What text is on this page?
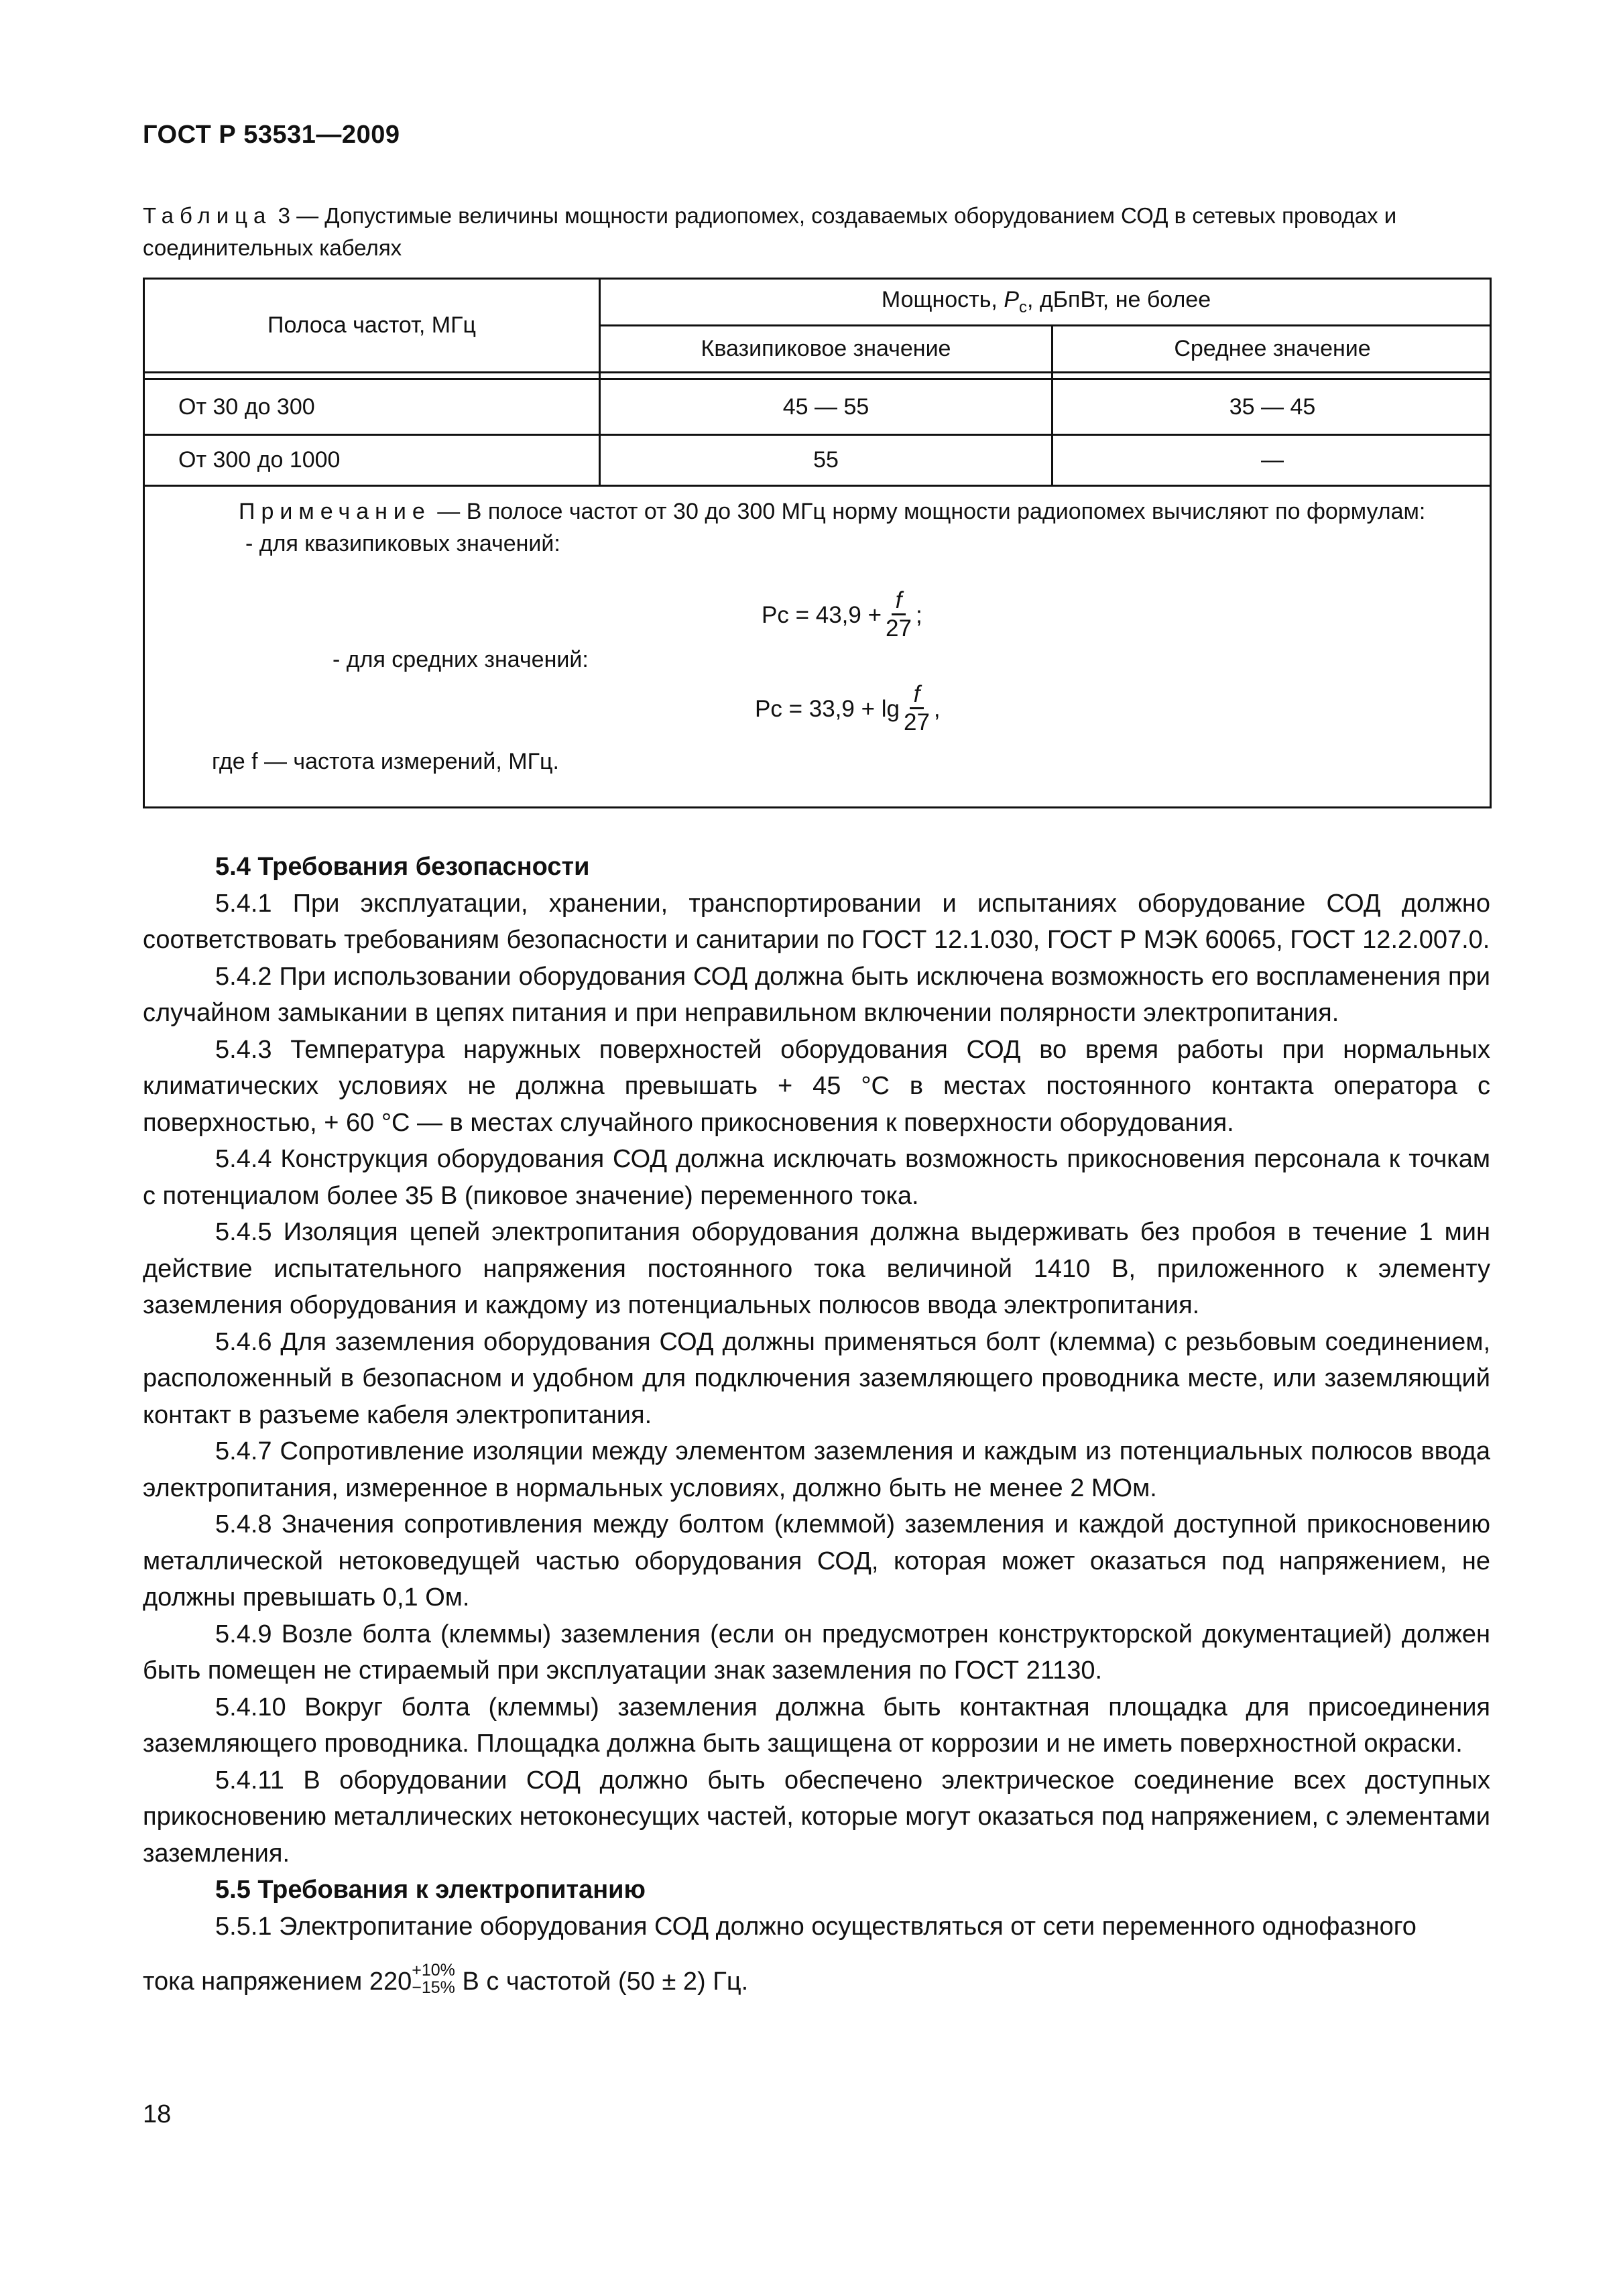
ГОСТ Р 53531—2009
Таблица 3 — Допустимые величины мощности радиопомех, создаваемых оборудованием СОД в сетевых проводах и соединительных кабелях
Полоса частот, МГц
Мощность, $P_c$, дБпВт, не более
Квазипиковое значение	Среднее значение
От 30 до 300	45 — 55	35 — 45
От 300 до 1000	55	—
Примечание — В полосе частот от 30 до 300 МГц норму мощности радиопомех вычисляют по формулам:
- для квазипиковых значений:
$Pc = 43,9 + \frac{f}{27}$ ;
- для средних значений:
$Pc = 33,9 + \lg \frac{f}{27}$ ,
где f — частота измерений, МГц.
5.4 Требования безопасности

5.4.1 При эксплуатации, хранении, транспортировании и испытаниях оборудование СОД должно соответствовать требованиям безопасности и санитарии по ГОСТ 12.1.030, ГОСТ Р МЭК 60065, ГОСТ 12.2.007.0.

5.4.2 При использовании оборудования СОД должна быть исключена возможность его воспламенения при случайном замыкании в цепях питания и при неправильном включении полярности электропитания.

5.4.3 Температура наружных поверхностей оборудования СОД во время работы при нормальных климатических условиях не должна превышать + 45 °С в местах постоянного контакта оператора с поверхностью, + 60 °С — в местах случайного прикосновения к поверхности оборудования.

5.4.4 Конструкция оборудования СОД должна исключать возможность прикосновения персонала к точкам с потенциалом более 35 В (пиковое значение) переменного тока.

5.4.5 Изоляция цепей электропитания оборудования должна выдерживать без пробоя в течение 1 мин действие испытательного напряжения постоянного тока величиной 1410 В, приложенного к элементу заземления оборудования и каждому из потенциальных полюсов ввода электропитания.

5.4.6 Для заземления оборудования СОД должны применяться болт (клемма) с резьбовым соединением, расположенный в безопасном и удобном для подключения заземляющего проводника месте, или заземляющий контакт в разъеме кабеля электропитания.

5.4.7 Сопротивление изоляции между элементом заземления и каждым из потенциальных полюсов ввода электропитания, измеренное в нормальных условиях, должно быть не менее 2 МОм.

5.4.8 Значения сопротивления между болтом (клеммой) заземления и каждой доступной прикосновению металлической нетоковедущей частью оборудования СОД, которая может оказаться под напряжением, не должны превышать 0,1 Ом.

5.4.9 Возле болта (клеммы) заземления (если он предусмотрен конструкторской документацией) должен быть помещен не стираемый при эксплуатации знак заземления по ГОСТ 21130.

5.4.10 Вокруг болта (клеммы) заземления должна быть контактная площадка для присоединения заземляющего проводника. Площадка должна быть защищена от коррозии и не иметь поверхностной окраски.

5.4.11 В оборудовании СОД должно быть обеспечено электрическое соединение всех доступных прикосновению металлических нетоконесущих частей, которые могут оказаться под напряжением, с элементами заземления.

5.5 Требования к электропитанию

5.5.1 Электропитание оборудования СОД должно осуществляться от сети переменного однофазного

тока напряжением 220 +10%
−15% В с частотой (50 ± 2) Гц.

18
